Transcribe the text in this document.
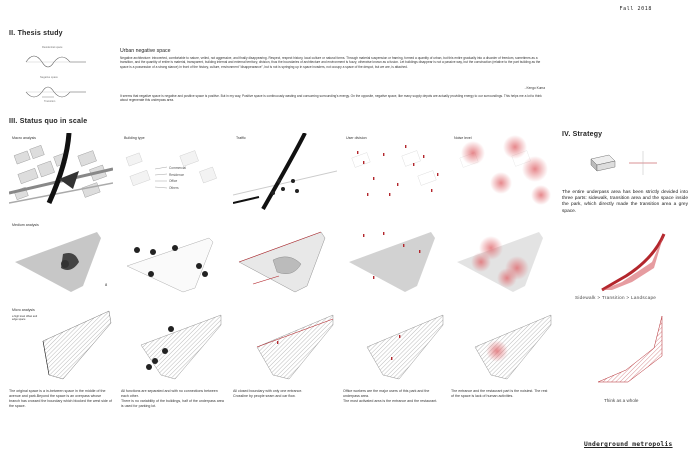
Fall 2018
II. Thesis study
Residential space
Negative space
Transition
Urban negative space
Negative architecture: introverted, comfortable to nature, veiled, not aggressive, and finally disappearing. Respect, respect history, local culture or natural forms. Through material suspension or framing, formed a quantity of urban, but this entire gradually into a disorder of freedom, sometimes as a transition, and the quantity of entire is material, transparent, building internal and external territory, division, thus the boundaries of architecture and environment is fuzzy, otherwise known as a fusion. Let buildings disappear is not a passive way, but the construction (relative to the part building as the space is a possession of a strong stance) in front of the history, culture, environment "disappearance", but is not is springing up in space invaders, not occupy a space of the despot, but we are, is attached.
- Kengo Kuma
It seems that negative space is negative and positive space is positive. But in my way, Positive space is continuously wasting and consuming surrounding's energy. On the opposite, negative space, like many supply depots are actually providing energy to our surroundings. This helps me a lot to think about regenerate this underpass area.
III. Status quo in scale
IV. Strategy
Macro analysis	Building type
Commercial
Residence
Office
Others
Traffic	User division	Noise level
Medium analysis
8
Micro analysis
a high level offset and edge space
The original space is a in-between space in the middle of the avenue and park.Beyond the space is an overpass whose branch has crossed the boundary which blocked the west side of the space.
All functions are separated and with no connections between each other.
There is no variability of the buildings, half of the underpass area is used for parking lot.
All closed boundary with only one entrance.
Crossline by people seam and car flow.
Office workers are the major users of this park and the underpass area.
The most activated area is the entrance and the restaurant.
The entrance and the restaurant part is the noisiest. The rest of the space is lack of human activities.
The entire underpass area has been strictly devided into three parts: sidewalk, transition area and the space inside the park, which directly made the transition area a grey space.
Sidewalk > Transition > Landscape
Think as a whole
Underground metropolis
